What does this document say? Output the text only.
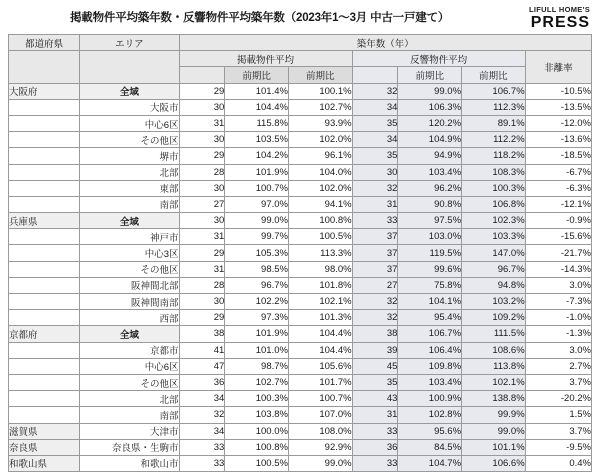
掲載物件平均築年数・反響物件平均築年数（2023年1〜3月 中古一戸建て）
LIFULL HOME'S
PRESS
都道府県	エリア	築年数（年）						
		掲載物件平均			反響物件平均			非離率
			前期比	前期比		前期比	前期比	
大阪府	全域	29	101.4%	100.1%	32	99.0%	106.7%	-10.5%
	大阪市	30	104.4%	102.7%	34	106.3%	112.3%	-13.5%
	中心6区	31	115.8%	93.9%	35	120.2%	89.1%	-12.0%
	その他区	30	103.5%	102.0%	34	104.9%	112.2%	-13.6%
	堺市	29	104.2%	96.1%	35	94.9%	118.2%	-18.5%
	北部	28	101.9%	104.0%	30	103.4%	108.3%	-6.7%
	東部	30	100.7%	102.0%	32	96.2%	100.3%	-6.3%
	南部	27	97.0%	94.1%	31	90.8%	106.8%	-12.1%
兵庫県	全域	30	99.0%	100.8%	33	97.5%	102.3%	-0.9%
	神戸市	31	99.7%	100.5%	37	103.0%	103.3%	-15.6%
	中心3区	29	105.3%	113.3%	37	119.5%	147.0%	-21.7%
	その他区	31	98.5%	98.0%	37	99.6%	96.7%	-14.3%
	阪神間北部	28	96.7%	101.8%	27	75.8%	94.8%	3.0%
	阪神間南部	30	102.2%	102.1%	32	104.1%	103.2%	-7.3%
	西部	29	97.3%	101.3%	32	95.4%	109.2%	-1.0%
京都府	全域	38	101.9%	104.4%	38	106.7%	111.5%	-1.3%
	京都市	41	101.0%	104.4%	39	106.4%	108.6%	3.0%
	中心6区	47	98.7%	105.6%	45	109.8%	113.8%	2.7%
	その他区	36	102.7%	101.7%	35	103.4%	102.1%	3.7%
	北部	34	100.3%	100.7%	43	100.9%	138.8%	-20.2%
	南部	32	103.8%	107.0%	31	102.8%	99.9%	1.5%
滋賀県	大津市	34	100.0%	108.0%	33	95.6%	99.0%	3.7%
奈良県	奈良県・生駒市	33	100.8%	92.9%	36	84.5%	101.1%	-9.5%
和歌山県	和歌山市	33	100.5%	99.0%	33	104.7%	106.6%	0.4%
